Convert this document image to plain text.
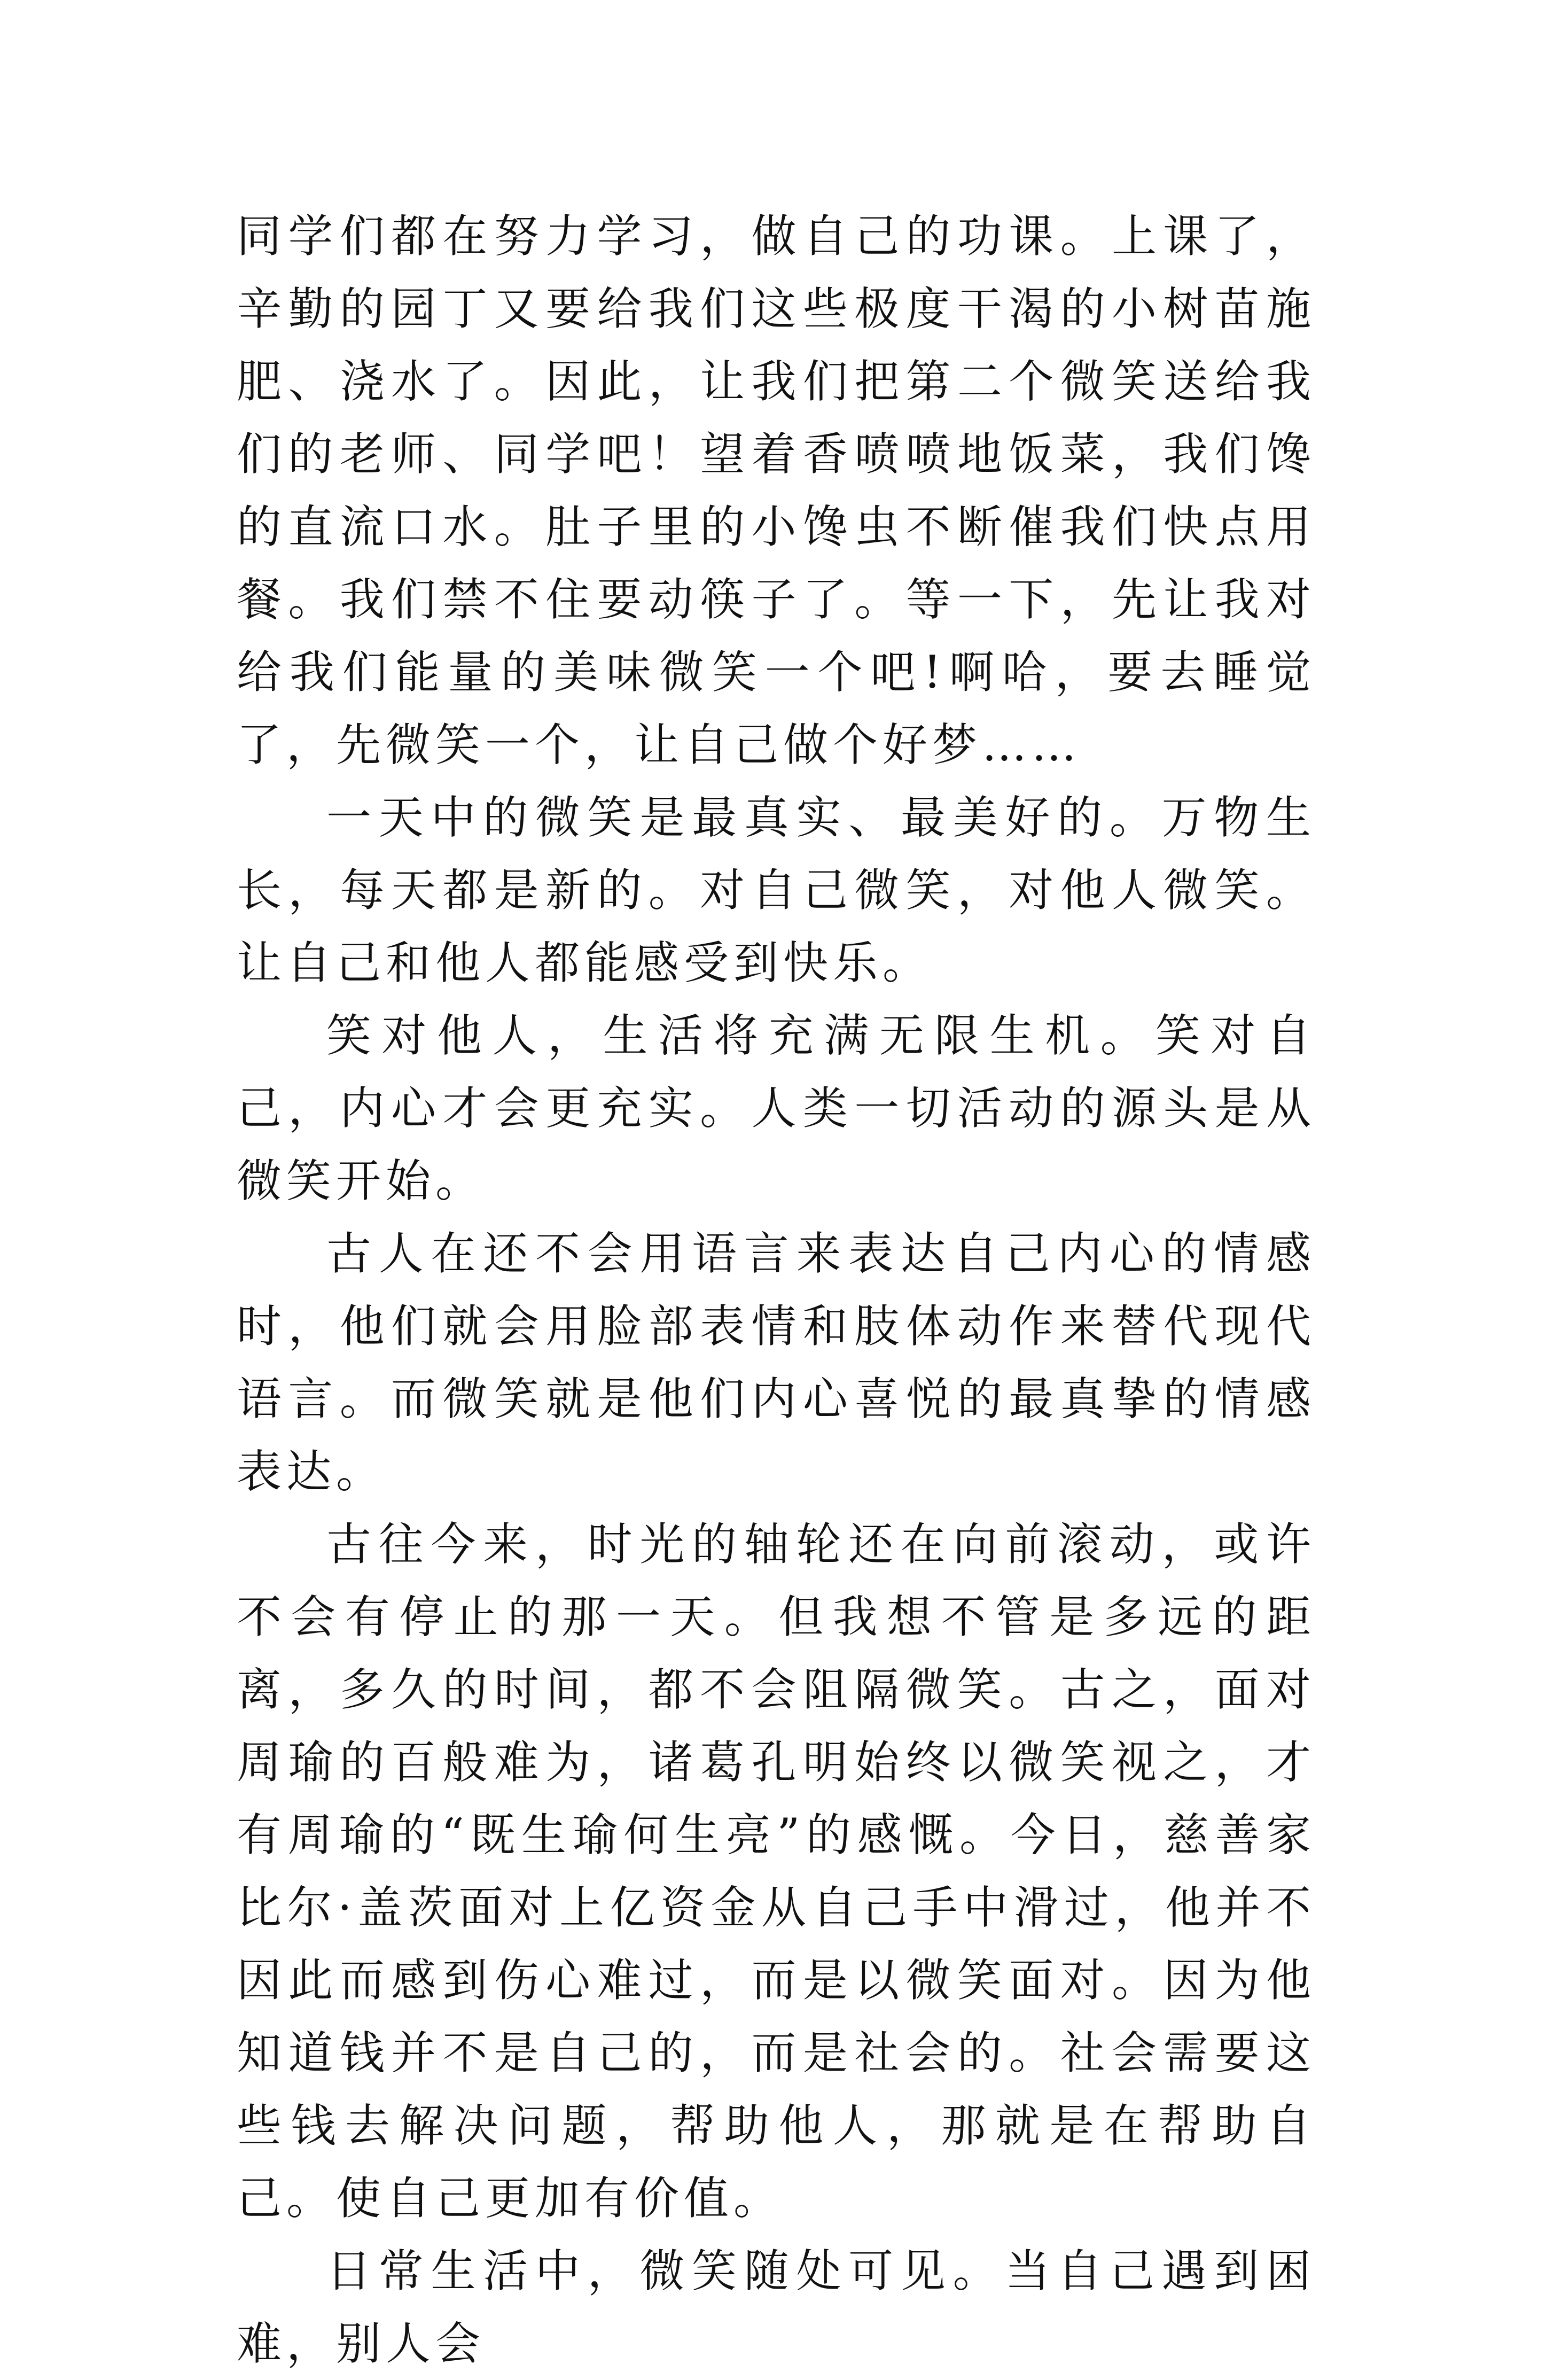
同学们都在努力学习，做自己的功课。上课了，辛勤的园丁又要给我们这些极度干渴的小树苗施肥、浇水了。因此，让我们把第二个微笑送给我们的老师、同学吧！望着香喷喷地饭菜，我们馋的直流口水。肚子里的小馋虫不断催我们快点用餐。我们禁不住要动筷子了。等一下，先让我对给我们能量的美味微笑一个吧!啊哈，要去睡觉了，先微笑一个，让自己做个好梦……

一天中的微笑是最真实、最美好的。万物生长，每天都是新的。对自己微笑，对他人微笑。让自己和他人都能感受到快乐。

笑对他人，生活将充满无限生机。笑对自己，内心才会更充实。人类一切活动的源头是从微笑开始。

古人在还不会用语言来表达自己内心的情感时，他们就会用脸部表情和肢体动作来替代现代语言。而微笑就是他们内心喜悦的最真挚的情感表达。

古往今来，时光的轴轮还在向前滚动，或许不会有停止的那一天。但我想不管是多远的距离，多久的时间，都不会阻隔微笑。古之，面对周瑜的百般难为，诸葛孔明始终以微笑视之，才有周瑜的“既生瑜何生亮”的感慨。今日，慈善家比尔·盖茨面对上亿资金从自己手中滑过，他并不因此而感到伤心难过，而是以微笑面对。因为他知道钱并不是自己的，而是社会的。社会需要这些钱去解决问题，帮助他人，那就是在帮助自己。使自己更加有价值。

日常生活中，微笑随处可见。当自己遇到困难，别人会
